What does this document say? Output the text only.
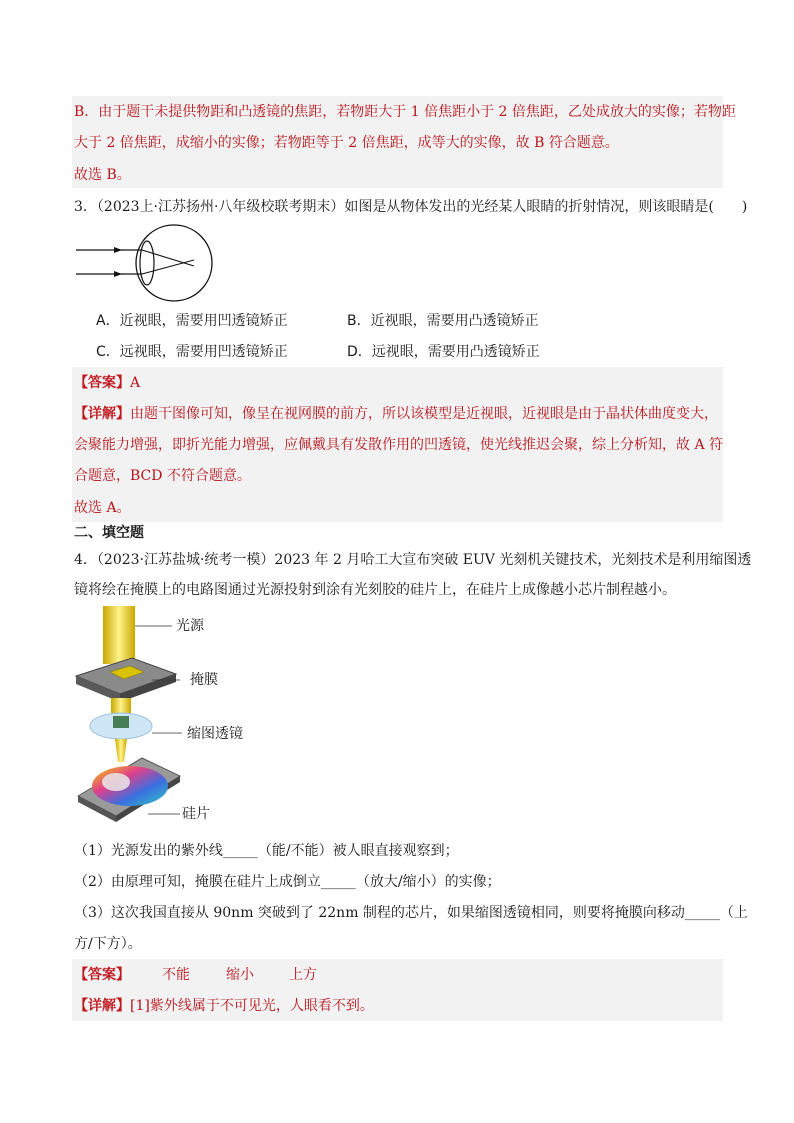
B．由于题干未提供物距和凸透镜的焦距，若物距大于 1 倍焦距小于 2 倍焦距，乙处成放大的实像；若物距
大于 2 倍焦距，成缩小的实像；若物距等于 2 倍焦距，成等大的实像，故 B 符合题意。
故选 B。
3．（2023上·江苏扬州·八年级校联考期末）如图是从物体发出的光经某人眼睛的折射情况，则该眼睛是(　　)
A．近视眼，需要用凹透镜矫正	B．近视眼，需要用凸透镜矫正
C．远视眼，需要用凹透镜矫正	D．远视眼，需要用凸透镜矫正
【答案】A
【详解】由题干图像可知，像呈在视网膜的前方，所以该模型是近视眼，近视眼是由于晶状体曲度变大，
会聚能力增强，即折光能力增强，应佩戴具有发散作用的凹透镜，使光线推迟会聚，综上分析知，故 A 符
合题意，BCD 不符合题意。
故选 A。
二、填空题
4．（2023·江苏盐城·统考一模）2023 年 2 月哈工大宣布突破 EUV 光刻机关键技术，光刻技术是利用缩图透
镜将绘在掩膜上的电路图通过光源投射到涂有光刻胶的硅片上，在硅片上成像越小芯片制程越小。
光源
掩膜
缩图透镜
硅片
（1）光源发出的紫外线_____（能/不能）被人眼直接观察到；
（2）由原理可知，掩膜在硅片上成倒立_____（放大/缩小）的实像；
（3）这次我国直接从 90nm 突破到了 22nm 制程的芯片，如果缩图透镜相同，则要将掩膜向移动_____（上
方/下方）。
【答案】 不能	缩小	上方
【详解】[1]紫外线属于不可见光，人眼看不到。
